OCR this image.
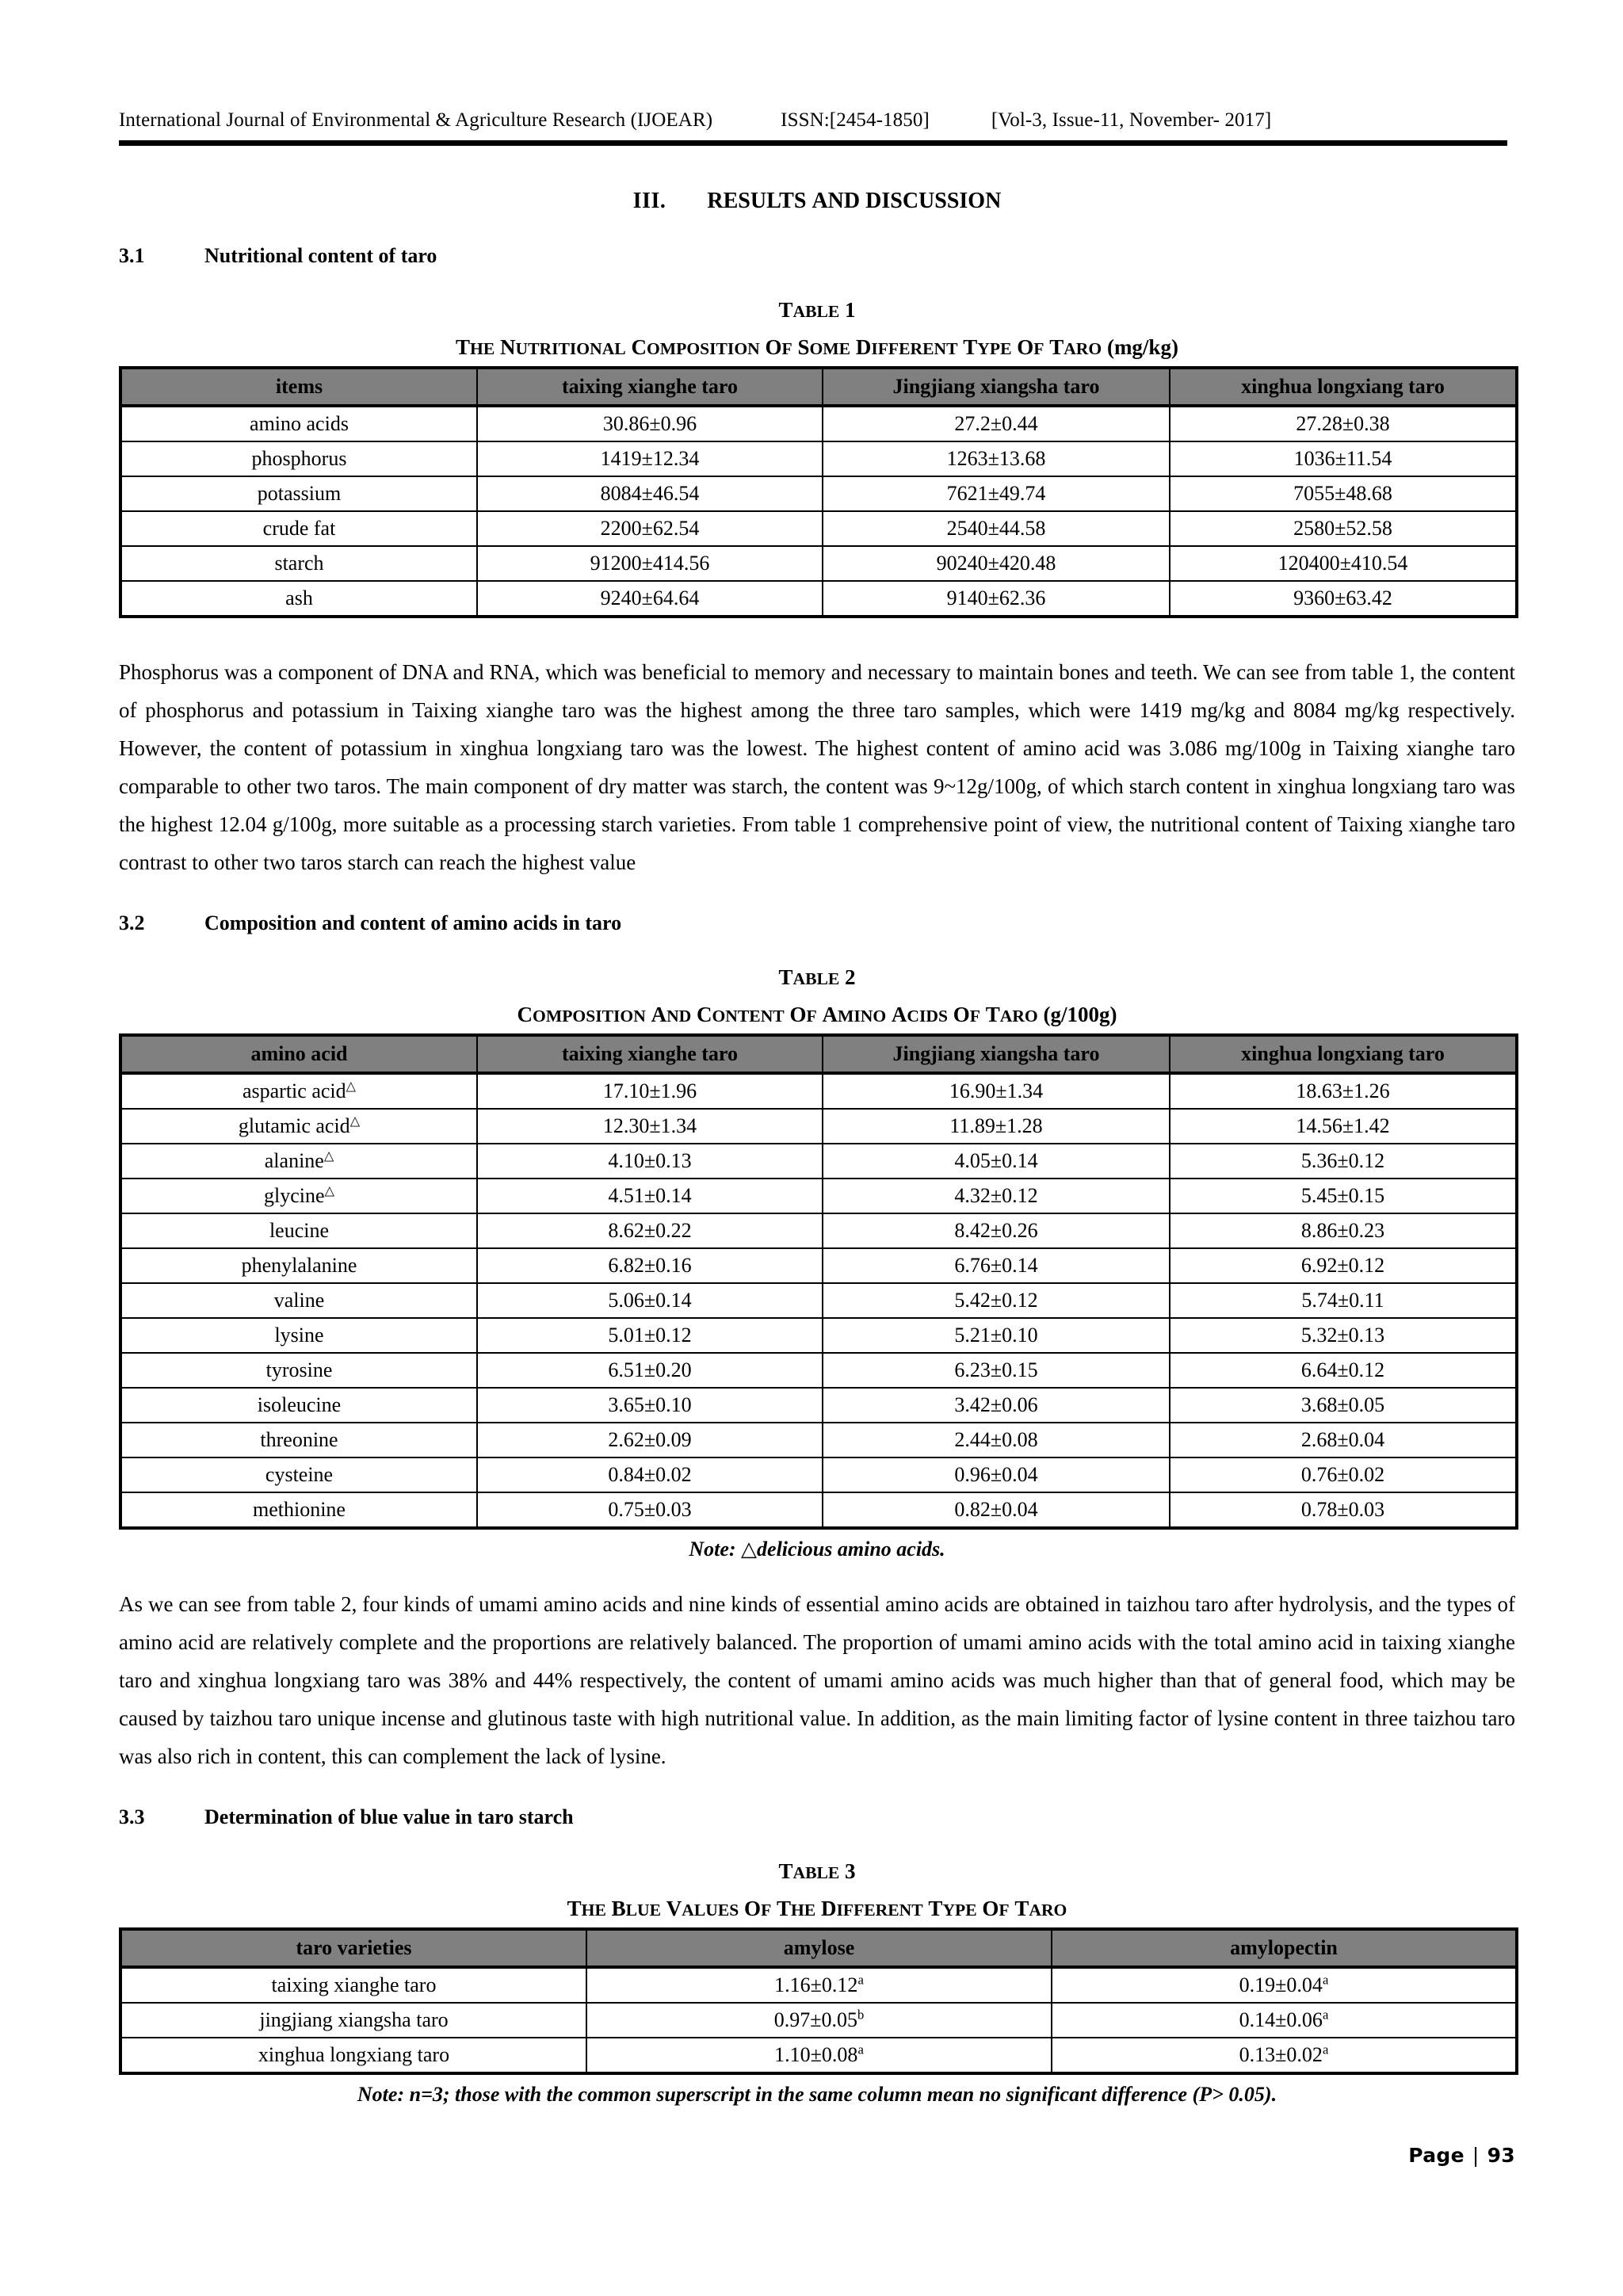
International Journal of Environmental & Agriculture Research (IJOEAR)	ISSN:[2454-1850]	[Vol-3, Issue-11, November- 2017]
III. RESULTS AND DISCUSSION
3.1	Nutritional content of taro
TABLE 1
THE NUTRITIONAL COMPOSITION OF SOME DIFFERENT TYPE OF TARO (mg/kg)
items	taixing xianghe taro	Jingjiang xiangsha taro	xinghua longxiang taro
amino acids	30.86±0.96	27.2±0.44	27.28±0.38
phosphorus	1419±12.34	1263±13.68	1036±11.54
potassium	8084±46.54	7621±49.74	7055±48.68
crude fat	2200±62.54	2540±44.58	2580±52.58
starch	91200±414.56	90240±420.48	120400±410.54
ash	9240±64.64	9140±62.36	9360±63.42

Phosphorus was a component of DNA and RNA, which was beneficial to memory and necessary to maintain bones and teeth. We can see from table 1, the content of phosphorus and potassium in Taixing xianghe taro was the highest among the three taro samples, which were 1419 mg/kg and 8084 mg/kg respectively. However, the content of potassium in xinghua longxiang taro was the lowest. The highest content of amino acid was 3.086 mg/100g in Taixing xianghe taro comparable to other two taros. The main component of dry matter was starch, the content was 9~12g/100g, of which starch content in xinghua longxiang taro was the highest 12.04 g/100g, more suitable as a processing starch varieties. From table 1 comprehensive point of view, the nutritional content of Taixing xianghe taro contrast to other two taros starch can reach the highest value

3.2	Composition and content of amino acids in taro
TABLE 2
COMPOSITION AND CONTENT OF AMINO ACIDS OF TARO (g/100g)
amino acid	taixing xianghe taro	Jingjiang xiangsha taro	xinghua longxiang taro
aspartic acid△	17.10±1.96	16.90±1.34	18.63±1.26
glutamic acid△	12.30±1.34	11.89±1.28	14.56±1.42
alanine△	4.10±0.13	4.05±0.14	5.36±0.12
glycine△	4.51±0.14	4.32±0.12	5.45±0.15
leucine	8.62±0.22	8.42±0.26	8.86±0.23
phenylalanine	6.82±0.16	6.76±0.14	6.92±0.12
valine	5.06±0.14	5.42±0.12	5.74±0.11
lysine	5.01±0.12	5.21±0.10	5.32±0.13
tyrosine	6.51±0.20	6.23±0.15	6.64±0.12
isoleucine	3.65±0.10	3.42±0.06	3.68±0.05
threonine	2.62±0.09	2.44±0.08	2.68±0.04
cysteine	0.84±0.02	0.96±0.04	0.76±0.02
methionine	0.75±0.03	0.82±0.04	0.78±0.03
Note: △delicious amino acids.

As we can see from table 2, four kinds of umami amino acids and nine kinds of essential amino acids are obtained in taizhou taro after hydrolysis, and the types of amino acid are relatively complete and the proportions are relatively balanced. The proportion of umami amino acids with the total amino acid in taixing xianghe taro and xinghua longxiang taro was 38% and 44% respectively, the content of umami amino acids was much higher than that of general food, which may be caused by taizhou taro unique incense and glutinous taste with high nutritional value. In addition, as the main limiting factor of lysine content in three taizhou taro was also rich in content, this can complement the lack of lysine.

3.3	Determination of blue value in taro starch
TABLE 3
THE BLUE VALUES OF THE DIFFERENT TYPE OF TARO
taro varieties	amylose	amylopectin
taixing xianghe taro	1.16±0.12$^a$	0.19±0.04$^a$
jingjiang xiangsha taro	0.97±0.05$^b$	0.14±0.06$^a$
xinghua longxiang taro	1.10±0.08$^a$	0.13±0.02$^a$
Note: n=3; those with the common superscript in the same column mean no significant difference (P> 0.05).
Page | 93
